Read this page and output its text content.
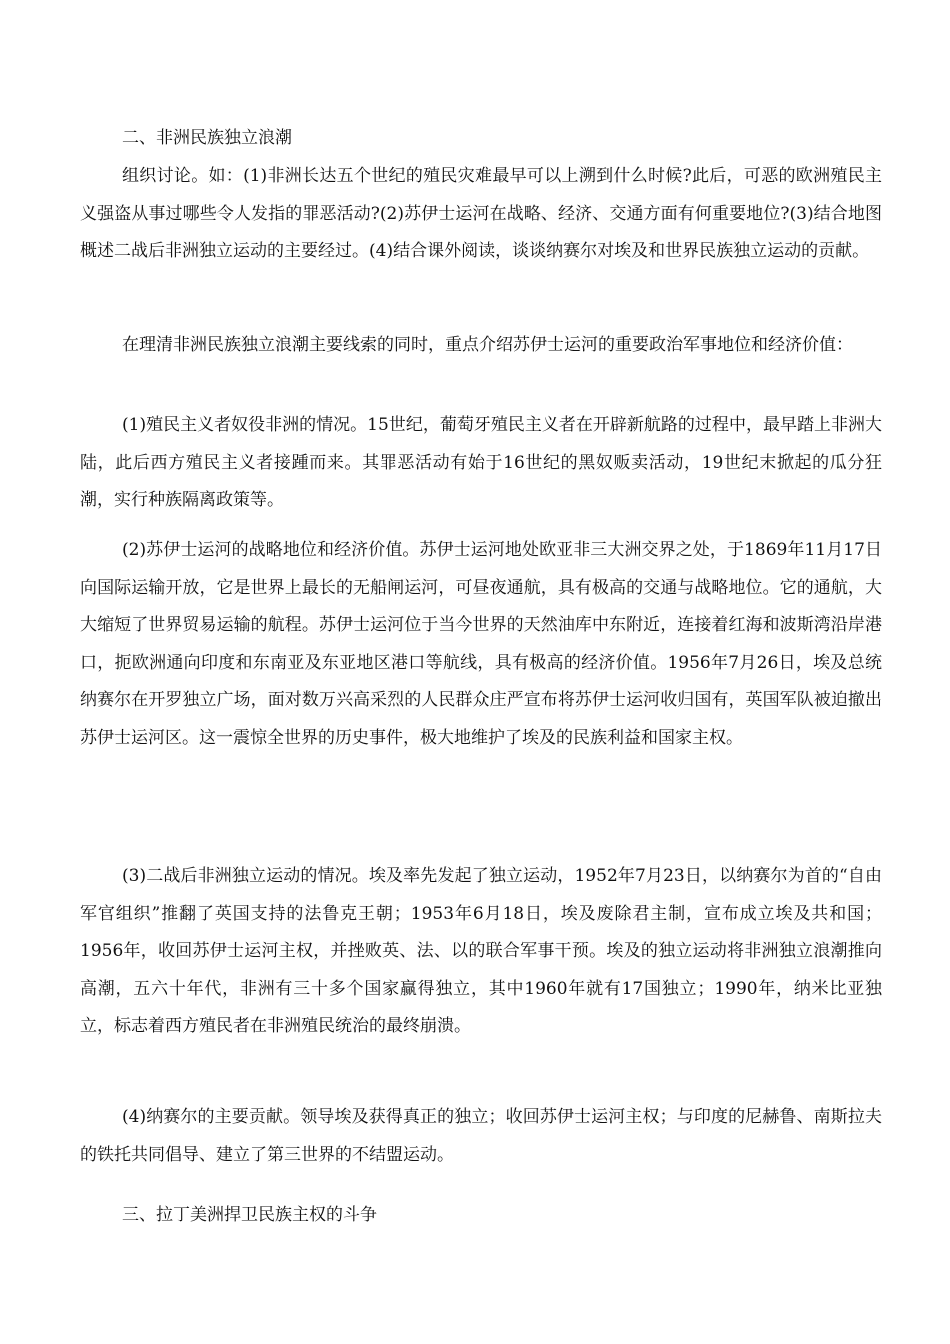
二、非洲民族独立浪潮

组织讨论。如：(1)非洲长达五个世纪的殖民灾难最早可以上溯到什么时候?此后，可恶的欧洲殖民主义强盗从事过哪些令人发指的罪恶活动?(2)苏伊士运河在战略、经济、交通方面有何重要地位?(3)结合地图概述二战后非洲独立运动的主要经过。(4)结合课外阅读，谈谈纳赛尔对埃及和世界民族独立运动的贡献。

在理清非洲民族独立浪潮主要线索的同时，重点介绍苏伊士运河的重要政治军事地位和经济价值：

(1)殖民主义者奴役非洲的情况。15世纪，葡萄牙殖民主义者在开辟新航路的过程中，最早踏上非洲大陆，此后西方殖民主义者接踵而来。其罪恶活动有始于16世纪的黑奴贩卖活动，19世纪末掀起的瓜分狂潮，实行种族隔离政策等。

(2)苏伊士运河的战略地位和经济价值。苏伊士运河地处欧亚非三大洲交界之处，于1869年11月17日向国际运输开放，它是世界上最长的无船闸运河，可昼夜通航，具有极高的交通与战略地位。它的通航，大大缩短了世界贸易运输的航程。苏伊士运河位于当今世界的天然油库中东附近，连接着红海和波斯湾沿岸港口，扼欧洲通向印度和东南亚及东亚地区港口等航线，具有极高的经济价值。1956年7月26日，埃及总统纳赛尔在开罗独立广场，面对数万兴高采烈的人民群众庄严宣布将苏伊士运河收归国有，英国军队被迫撤出苏伊士运河区。这一震惊全世界的历史事件，极大地维护了埃及的民族利益和国家主权。

(3)二战后非洲独立运动的情况。埃及率先发起了独立运动，1952年7月23日，以纳赛尔为首的“自由军官组织”推翻了英国支持的法鲁克王朝；1953年6月18日，埃及废除君主制，宣布成立埃及共和国；1956年，收回苏伊士运河主权，并挫败英、法、以的联合军事干预。埃及的独立运动将非洲独立浪潮推向高潮，五六十年代，非洲有三十多个国家赢得独立，其中1960年就有17国独立；1990年，纳米比亚独立，标志着西方殖民者在非洲殖民统治的最终崩溃。

(4)纳赛尔的主要贡献。领导埃及获得真正的独立；收回苏伊士运河主权；与印度的尼赫鲁、南斯拉夫的铁托共同倡导、建立了第三世界的不结盟运动。

三、拉丁美洲捍卫民族主权的斗争
